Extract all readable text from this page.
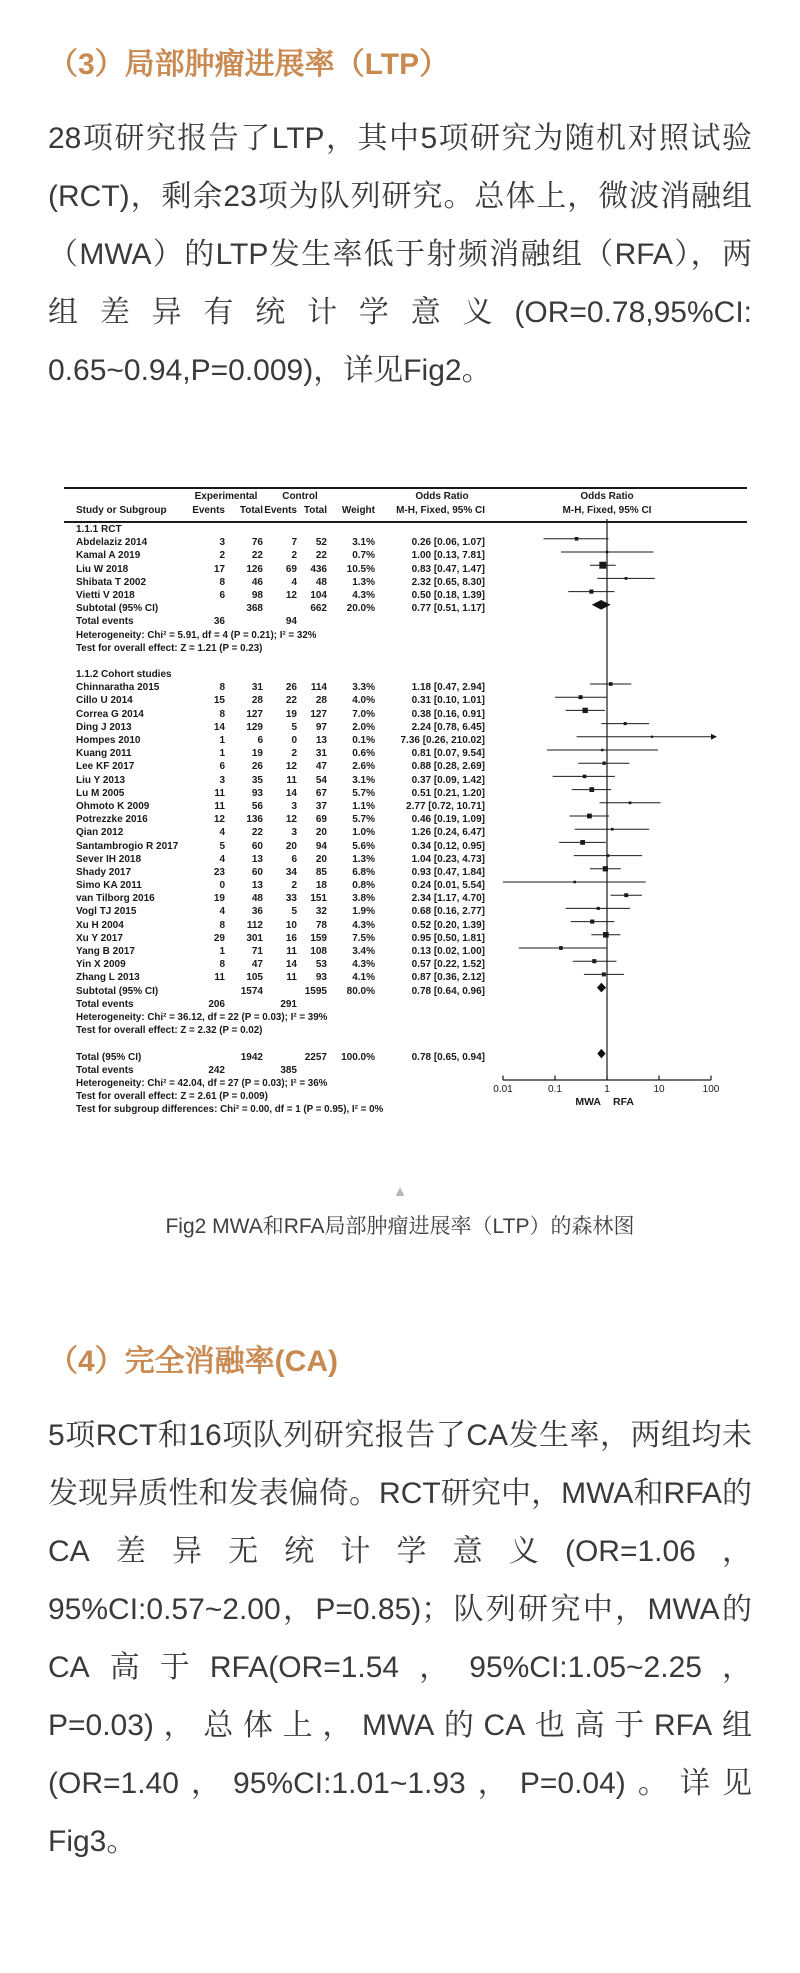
（3）局部肿瘤进展率（LTP）

28项研究报告了LTP，其中5项研究为随机对照试验(RCT)，剩余23项为队列研究。总体上，微波消融组（MWA）的LTP发生率低于射频消融组（RFA），两组差异有统计学意义(OR=0.78,95%CI: 0.65~0.94,P=0.009)，详见Fig2。

Experimental	Control	Odds Ratio	Odds Ratio
Study or Subgroup	Events	Total Events Total	Weight	M-H, Fixed, 95% CI	M-H, Fixed, 95% CI
1.1.1 RCT
Abdelaziz 2014	3	76	7	52	3.1%	0.26 [0.06, 1.07]
Kamal A 2019	2	22	2	22	0.7%	1.00 [0.13, 7.81]
Liu W 2018	17	126	69	436	10.5%	0.83 [0.47, 1.47]
Shibata T 2002	8	46	4	48	1.3%	2.32 [0.65, 8.30]
Vietti V 2018	6	98	12	104	4.3%	0.50 [0.18, 1.39]
Subtotal (95% CI)	368	662	20.0%	0.77 [0.51, 1.17]
Total events	36	94
Heterogeneity: Chi² = 5.91, df = 4 (P = 0.21); I² = 32%
Test for overall effect: Z = 1.21 (P = 0.23)
1.1.2 Cohort studies
Chinnaratha 2015	8	31	26	114	3.3%	1.18 [0.47, 2.94]
Cillo U 2014	15	28	22	28	4.0%	0.31 [0.10, 1.01]
Correa G 2014	8	127	19	127	7.0%	0.38 [0.16, 0.91]
Ding J 2013	14	129	5	97	2.0%	2.24 [0.78, 6.45]
Hompes 2010	1	6	0	13	0.1%	7.36 [0.26, 210.02]
Kuang 2011	1	19	2	31	0.6%	0.81 [0.07, 9.54]
Lee KF 2017	6	26	12	47	2.6%	0.88 [0.28, 2.69]
Liu Y 2013	3	35	11	54	3.1%	0.37 [0.09, 1.42]
Lu M 2005	11	93	14	67	5.7%	0.51 [0.21, 1.20]
Ohmoto K 2009	11	56	3	37	1.1%	2.77 [0.72, 10.71]
Potrezzke 2016	12	136	12	69	5.7%	0.46 [0.19, 1.09]
Qian 2012	4	22	3	20	1.0%	1.26 [0.24, 6.47]
Santambrogio R 2017	5	60	20	94	5.6%	0.34 [0.12, 0.95]
Sever IH 2018	4	13	6	20	1.3%	1.04 [0.23, 4.73]
Shady 2017	23	60	34	85	6.8%	0.93 [0.47, 1.84]
Simo KA 2011	0	13	2	18	0.8%	0.24 [0.01, 5.54]
van Tilborg 2016	19	48	33	151	3.8%	2.34 [1.17, 4.70]
Vogl TJ 2015	4	36	5	32	1.9%	0.68 [0.16, 2.77]
Xu H 2004	8	112	10	78	4.3%	0.52 [0.20, 1.39]
Xu Y 2017	29	301	16	159	7.5%	0.95 [0.50, 1.81]
Yang B 2017	1	71	11	108	3.4%	0.13 [0.02, 1.00]
Yin X 2009	8	47	14	53	4.3%	0.57 [0.22, 1.52]
Zhang L 2013	11	105	11	93	4.1%	0.87 [0.36, 2.12]
Subtotal (95% CI)	1574	1595	80.0%	0.78 [0.64, 0.96]
Total events	206	291
Heterogeneity: Chi² = 36.12, df = 22 (P = 0.03); I² = 39%
Test for overall effect: Z = 2.32 (P = 0.02)
Total (95% CI)	1942	2257	100.0%	0.78 [0.65, 0.94]
Total events	242	385
Heterogeneity: Chi² = 42.04, df = 27 (P = 0.03); I² = 36%
Test for overall effect: Z = 2.61 (P = 0.009)
Test for subgroup differences: Chi² = 0.00, df = 1 (P = 0.95), I² = 0%
0.01	0.1	1	10	100
MWA RFA
▲
Fig2 MWA和RFA局部肿瘤进展率（LTP）的森林图
（4）完全消融率(CA)

5项RCT和16项队列研究报告了CA发生率，两组均未发现异质性和发表偏倚。RCT研究中，MWA和RFA的CA差异无统计学意义(OR=1.06，95%CI:0.57~2.00，P=0.85)；队列研究中，MWA的CA高于RFA(OR=1.54，95%CI:1.05~2.25，P=0.03)，总体上，MWA的CA也高于RFA组(OR=1.40，95%CI:1.01~1.93，P=0.04)。详见Fig3。
